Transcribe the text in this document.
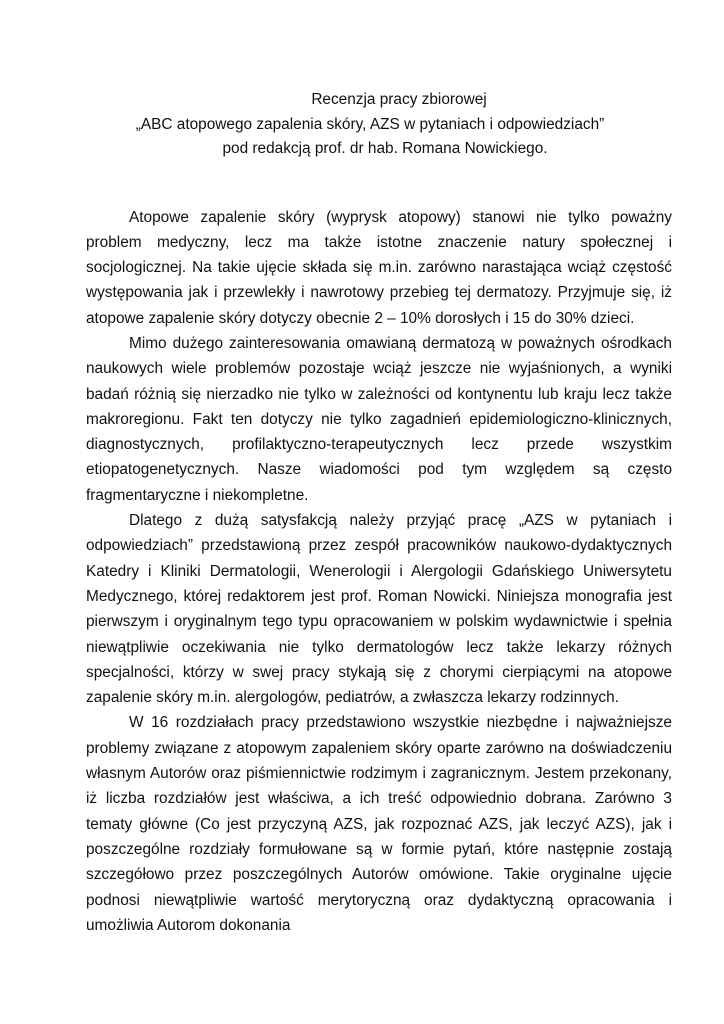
Recenzja pracy zbiorowej
„ABC atopowego zapalenia skóry, AZS w pytaniach i odpowiedziach”
pod redakcją prof. dr hab. Romana Nowickiego.

Atopowe zapalenie skóry (wyprysk atopowy) stanowi nie tylko poważny problem medyczny, lecz ma także istotne znaczenie natury społecznej i socjologicznej. Na takie ujęcie składa się m.in. zarówno narastająca wciąż częstość występowania jak i przewlekły i nawrotowy przebieg tej dermatozy. Przyjmuje się, iż atopowe zapalenie skóry dotyczy obecnie 2 – 10% dorosłych i 15 do 30% dzieci.

Mimo dużego zainteresowania omawianą dermatozą w poważnych ośrodkach naukowych wiele problemów pozostaje wciąż jeszcze nie wyjaśnionych, a wyniki badań różnią się nierzadko nie tylko w zależności od kontynentu lub kraju lecz także makroregionu. Fakt ten dotyczy nie tylko zagadnień epidemiologiczno-klinicznych, diagnostycznych, profilaktyczno-terapeutycznych lecz przede wszystkim etiopatogenetycznych. Nasze wiadomości pod tym względem są często fragmentaryczne i niekompletne.

Dlatego z dużą satysfakcją należy przyjąć pracę „AZS w pytaniach i odpowiedziach” przedstawioną przez zespół pracowników naukowo-dydaktycznych Katedry i Kliniki Dermatologii, Wenerologii i Alergologii Gdańskiego Uniwersytetu Medycznego, której redaktorem jest prof. Roman Nowicki. Niniejsza monografia jest pierwszym i oryginalnym tego typu opracowaniem w polskim wydawnictwie i spełnia niewątpliwie oczekiwania nie tylko dermatologów lecz także lekarzy różnych specjalności, którzy w swej pracy stykają się z chorymi cierpiącymi na atopowe zapalenie skóry m.in. alergologów, pediatrów, a zwłaszcza lekarzy rodzinnych.

W 16 rozdziałach pracy przedstawiono wszystkie niezbędne i najważniejsze problemy związane z atopowym zapaleniem skóry oparte zarówno na doświadczeniu własnym Autorów oraz piśmiennictwie rodzimym i zagranicznym. Jestem przekonany, iż liczba rozdziałów jest właściwa, a ich treść odpowiednio dobrana. Zarówno 3 tematy główne (Co jest przyczyną AZS, jak rozpoznać AZS, jak leczyć AZS), jak i poszczególne rozdziały formułowane są w formie pytań, które następnie zostają szczegółowo przez poszczególnych Autorów omówione. Takie oryginalne ujęcie podnosi niewątpliwie wartość merytoryczną oraz dydaktyczną opracowania i umożliwia Autorom dokonania
